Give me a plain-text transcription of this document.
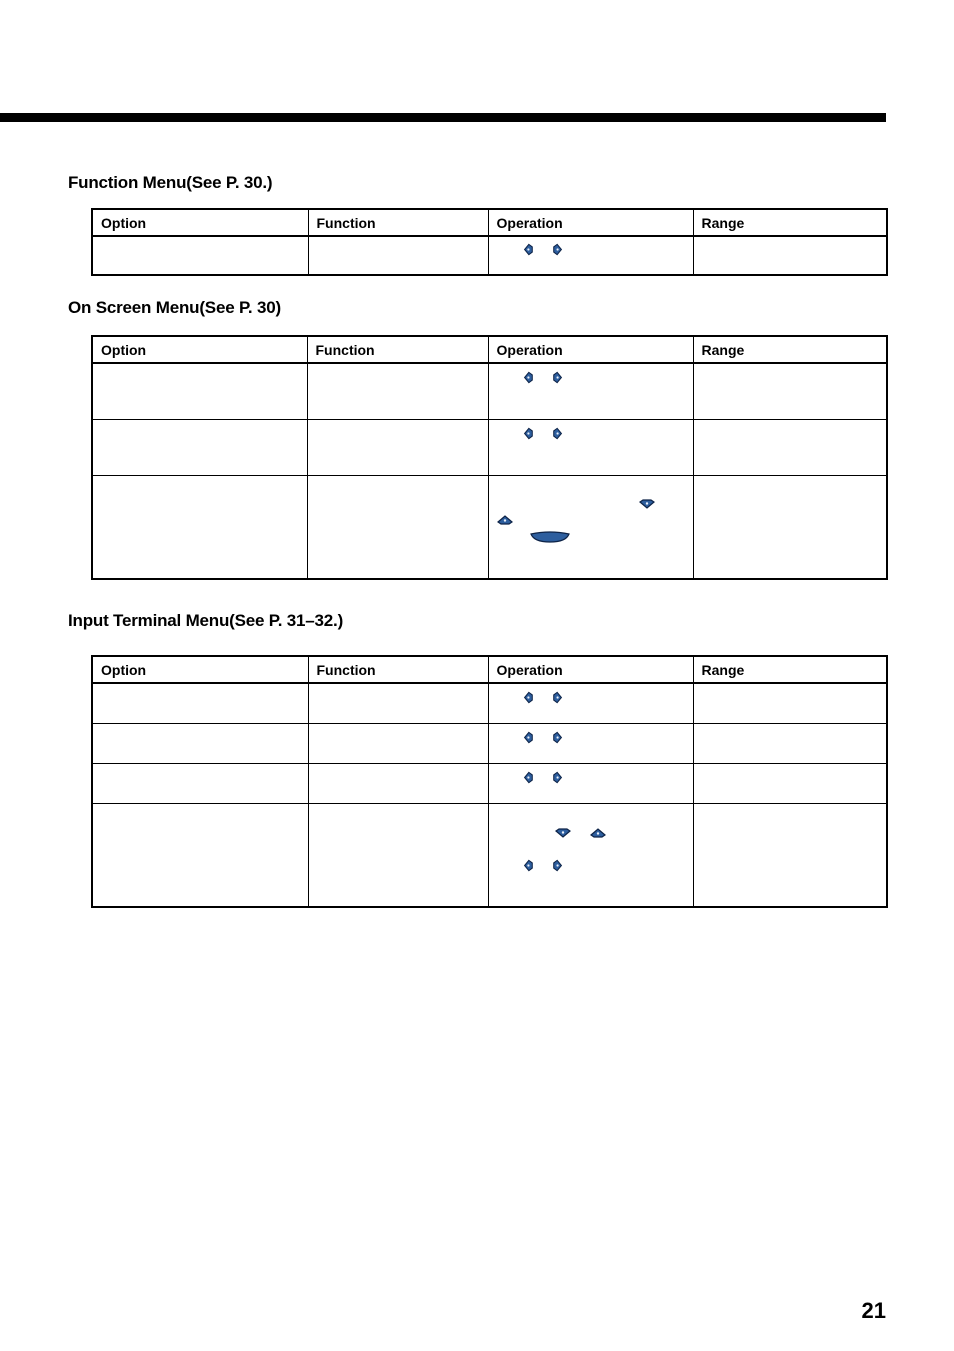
Function Menu(See P. 30.)
Option	Function	Operation	Range

On Screen Menu(See P. 30)
Option	Function	Operation	Range

Input Terminal Menu(See P. 31–32.)
Option	Function	Operation	Range

21
